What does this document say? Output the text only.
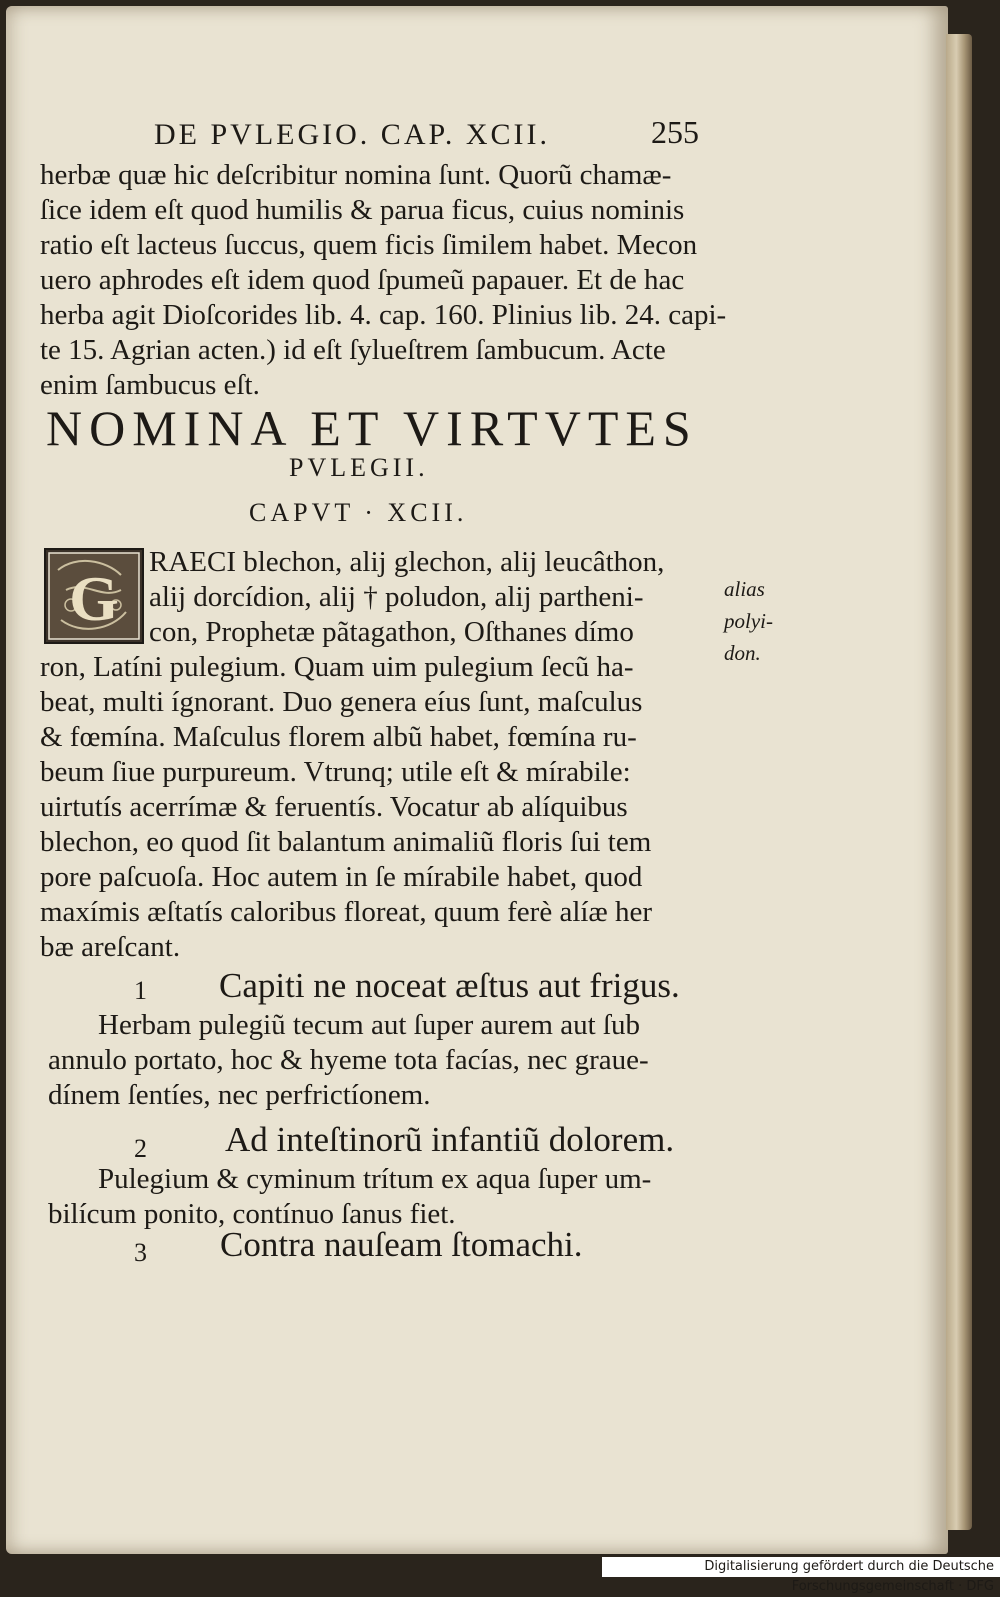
DE PVLEGIO. CAP. XCII.	255
herbæ quæ hic deſcribitur nomina ſunt. Quorũ chamæ-
ſice idem eſt quod humilis & parua ficus, cuius nominis
ratio eſt lacteus ſuccus, quem ficis ſimilem habet. Mecon
uero aphrodes eſt idem quod ſpumeũ papauer. Et de hac
herba agit Dioſcorides lib. 4. cap. 160. Plinius lib. 24. capi-
te 15. Agrian acten.) id eſt ſylueſtrem ſambucum. Acte
enim ſambucus eſt.
NOMINA ET VIRTVTES
PVLEGII.
CAPVT · XCII.
G
RAECI blechon, alij glechon, alij leucâthon,
alij dorcídion, alij † poludon, alij partheni-
con, Prophetæ pãtagathon, Oſthanes dímo
ron, Latíni pulegium. Quam uim pulegium ſecũ ha-
beat, multi ígnorant. Duo genera eíus ſunt, maſculus
& fœmína. Maſculus florem albũ habet, fœmína ru-
beum ſiue purpureum. Vtrunq; utile eſt & mírabile:
uirtutís acerrímæ & feruentís. Vocatur ab alíquibus
blechon, eo quod ſit balantum animaliũ floris ſui tem
pore paſcuoſa. Hoc autem in ſe mírabile habet, quod
maxímis æſtatís caloribus floreat, quum ferè alíæ her
bæ areſcant.
alias
polyi-
don.
1 Capiti ne noceat æſtus aut frigus.
Herbam pulegiũ tecum aut ſuper aurem aut ſub
annulo portato, hoc & hyeme tota facías, nec graue-
dínem ſentíes, nec perfrictíonem.
2 Ad inteſtinorũ infantiũ dolorem.
Pulegium & cyminum trítum ex aqua ſuper um-
bilícum ponito, contínuo ſanus fiet.
3 Contra nauſeam ſtomachi.
Digitalisierung gefördert durch die Deutsche Forschungsgemeinschaft · DFG
